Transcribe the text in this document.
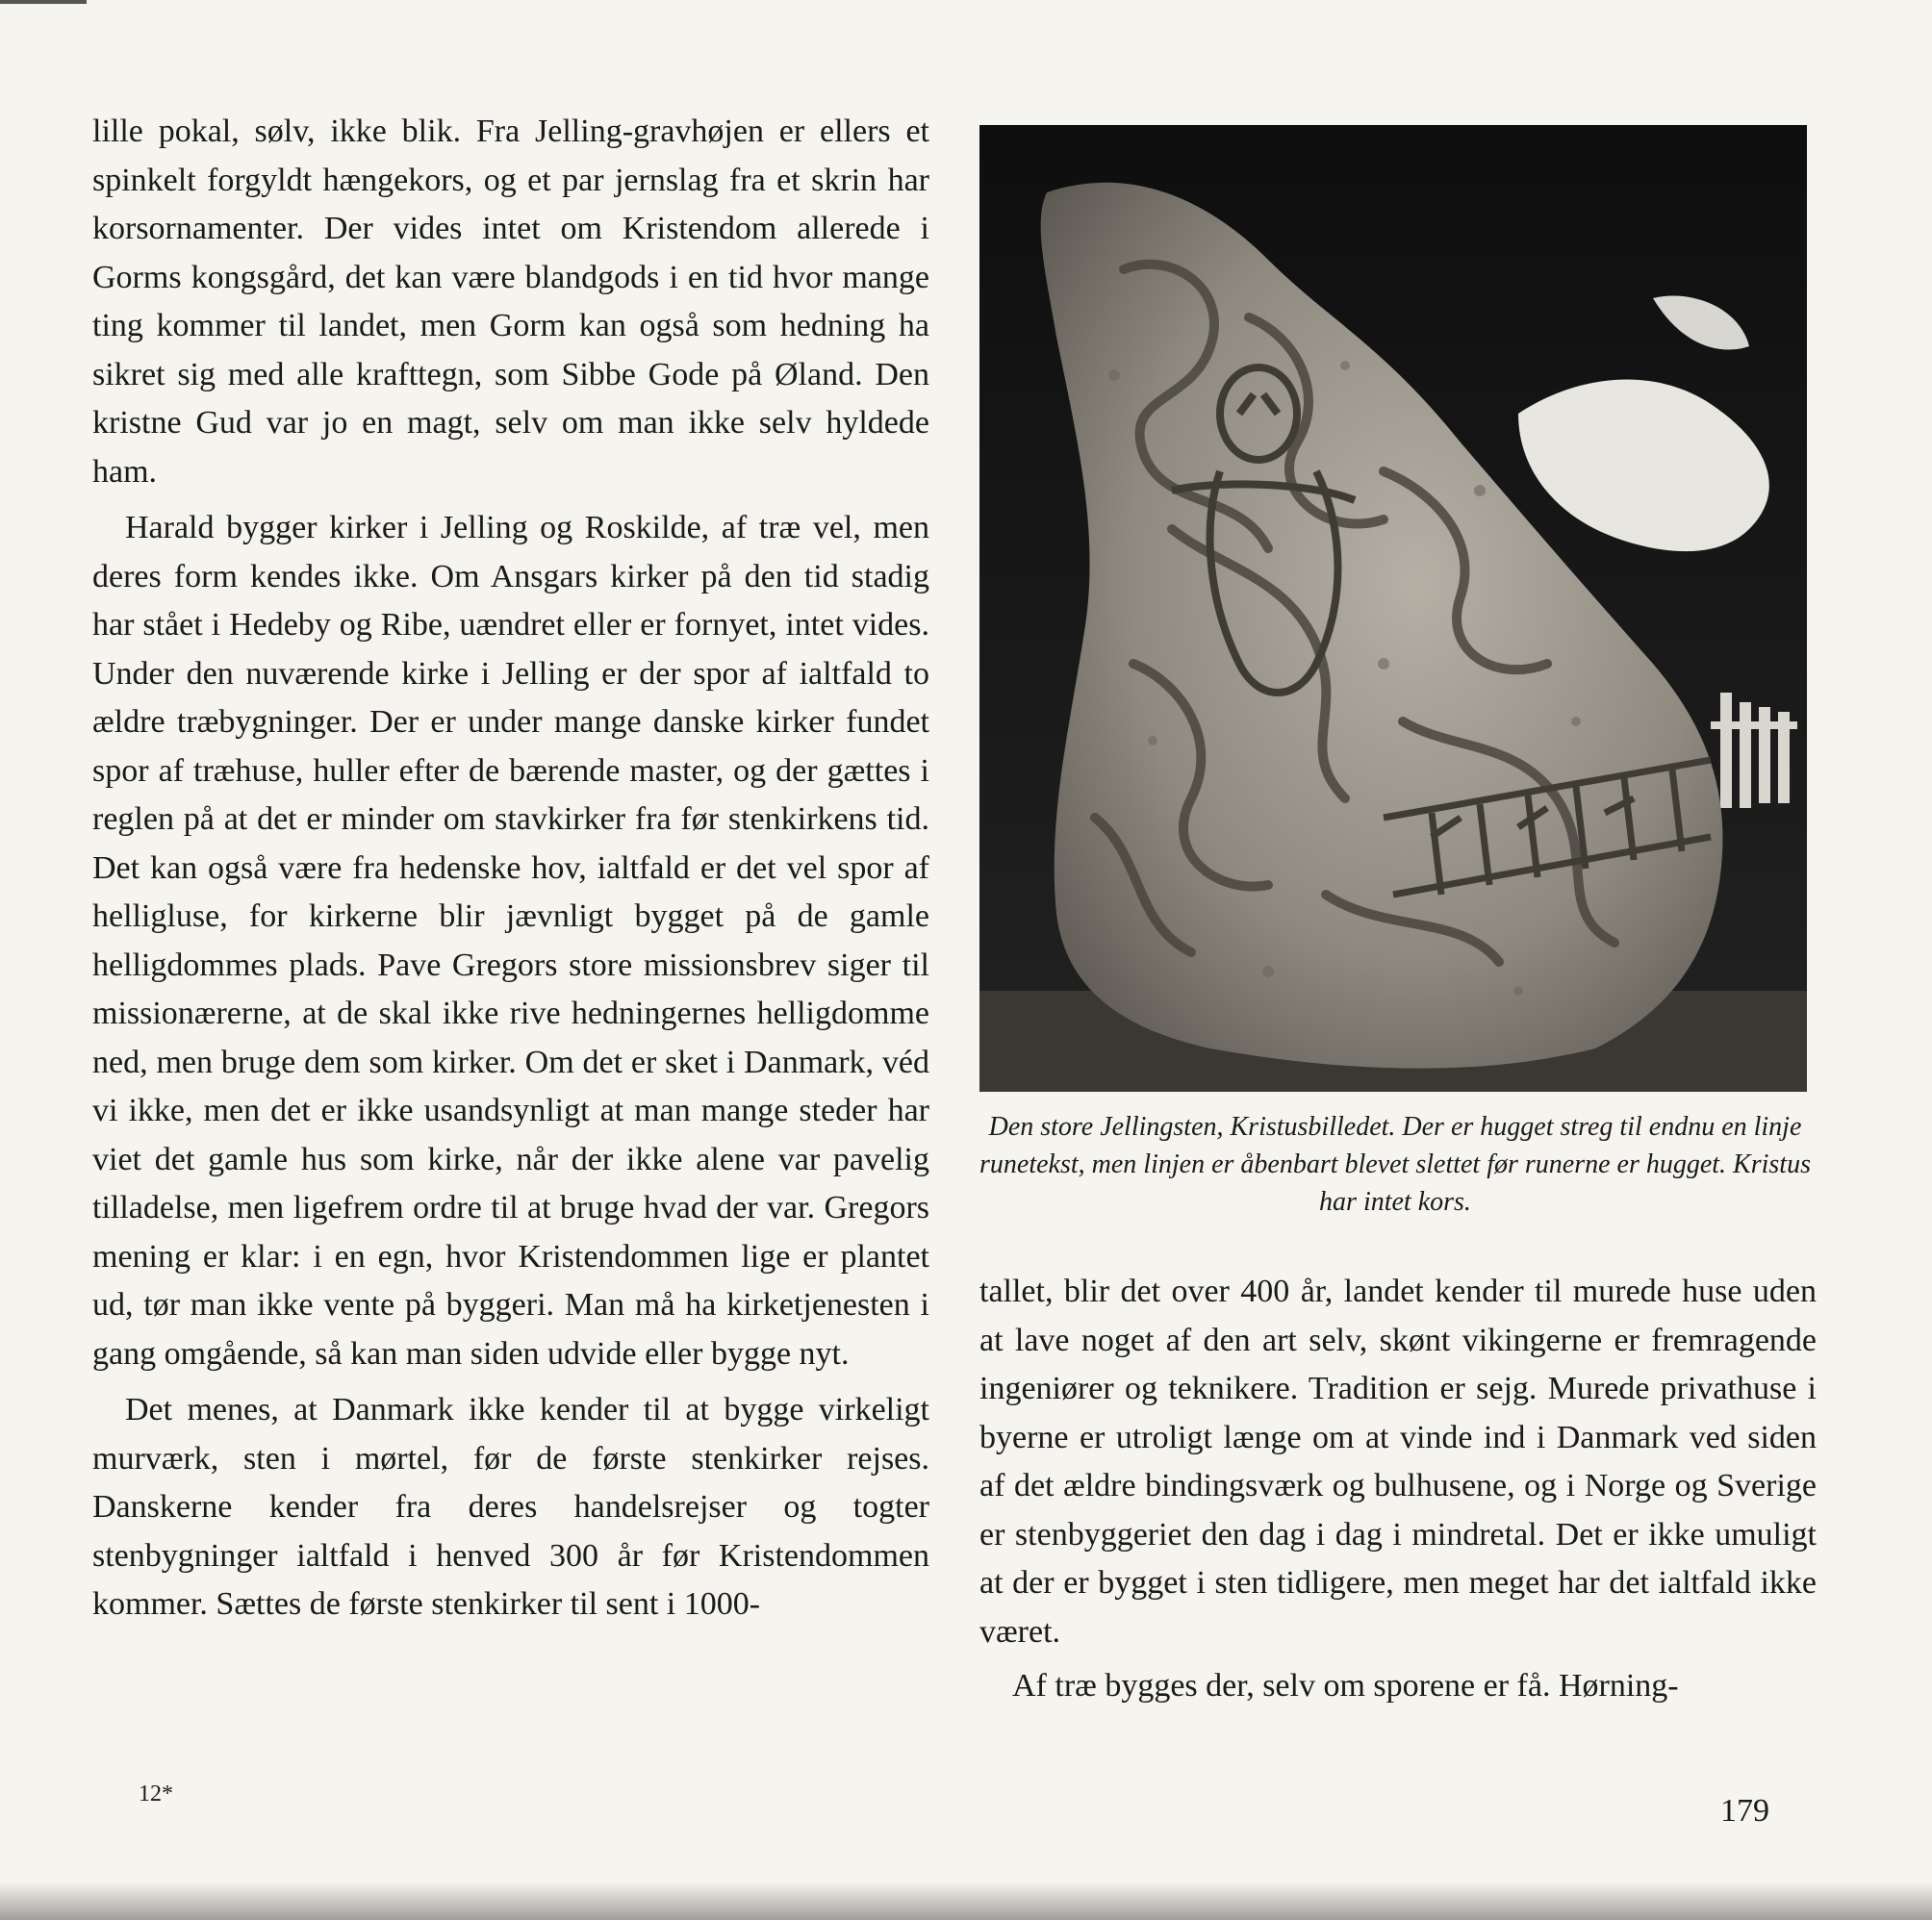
lille pokal, sølv, ikke blik. Fra Jelling-gravhøjen er ellers et spinkelt forgyldt hængekors, og et par jernslag fra et skrin har korsornamenter. Der vides intet om Kristendom allerede i Gorms kongsgård, det kan være blandgods i en tid hvor mange ting kommer til landet, men Gorm kan også som hedning ha sikret sig med alle krafttegn, som Sibbe Gode på Øland. Den kristne Gud var jo en magt, selv om man ikke selv hyldede ham.

Harald bygger kirker i Jelling og Roskilde, af træ vel, men deres form kendes ikke. Om Ansgars kirker på den tid stadig har stået i Hedeby og Ribe, uændret eller er fornyet, intet vides. Under den nuværende kirke i Jelling er der spor af ialtfald to ældre træbygninger. Der er under mange danske kirker fundet spor af træhuse, huller efter de bærende master, og der gættes i reglen på at det er minder om stavkirker fra før stenkirkens tid. Det kan også være fra hedenske hov, ialtfald er det vel spor af helligluse, for kirkerne blir jævnligt bygget på de gamle helligdommes plads. Pave Gregors store missionsbrev siger til missionærerne, at de skal ikke rive hedningernes helligdomme ned, men bruge dem som kirker. Om det er sket i Danmark, véd vi ikke, men det er ikke usandsynligt at man mange steder har viet det gamle hus som kirke, når der ikke alene var pavelig tilladelse, men ligefrem ordre til at bruge hvad der var. Gregors mening er klar: i en egn, hvor Kristendommen lige er plantet ud, tør man ikke vente på byggeri. Man må ha kirketjenesten i gang omgående, så kan man siden udvide eller bygge nyt.

Det menes, at Danmark ikke kender til at bygge virkeligt murværk, sten i mørtel, før de første stenkirker rejses. Danskerne kender fra deres handelsrejser og togter stenbygninger ialtfald i henved 300 år før Kristendommen kommer. Sættes de første stenkirker til sent i 1000-

Den store Jellingsten, Kristusbilledet. Der er hugget streg til endnu en linje runetekst, men linjen er åbenbart blevet slettet før runerne er hugget. Kristus har intet kors.

tallet, blir det over 400 år, landet kender til murede huse uden at lave noget af den art selv, skønt vikingerne er fremragende ingeniører og teknikere. Tradition er sejg. Murede privathuse i byerne er utroligt længe om at vinde ind i Danmark ved siden af det ældre bindingsværk og bulhusene, og i Norge og Sverige er stenbyggeriet den dag i dag i mindretal. Det er ikke umuligt at der er bygget i sten tidligere, men meget har det ialtfald ikke været.

Af træ bygges der, selv om sporene er få. Hørning-

12*	179
